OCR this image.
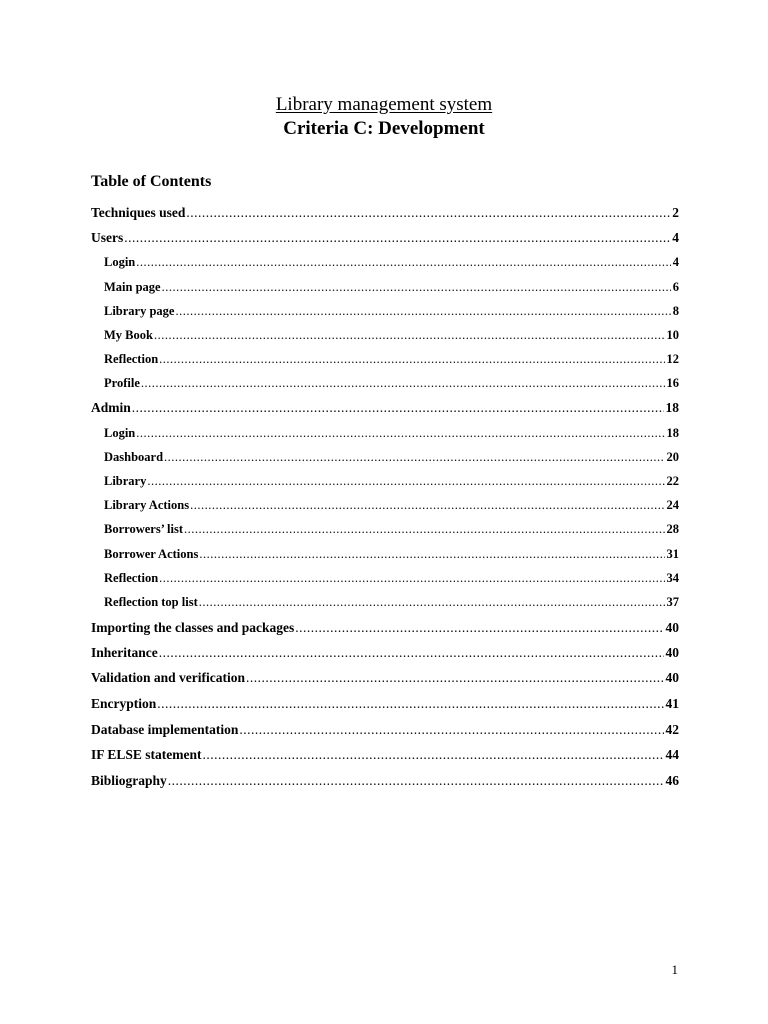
Library management system
Criteria C: Development
Table of Contents
Techniques used .....	2
Users .....	4
Login .....	4
Main page .....	6
Library page .....	8
My Book .....	10
Reflection .....	12
Profile .....	16
Admin .....	18
Login .....	18
Dashboard .....	20
Library .....	22
Library Actions .....	24
Borrowers’ list .....	28
Borrower Actions .....	31
Reflection .....	34
Reflection top list .....	37
Importing the classes and packages .....	40
Inheritance .....	40
Validation and verification .....	40
Encryption .....	41
Database implementation .....	42
IF ELSE statement .....	44
Bibliography .....	46
1
